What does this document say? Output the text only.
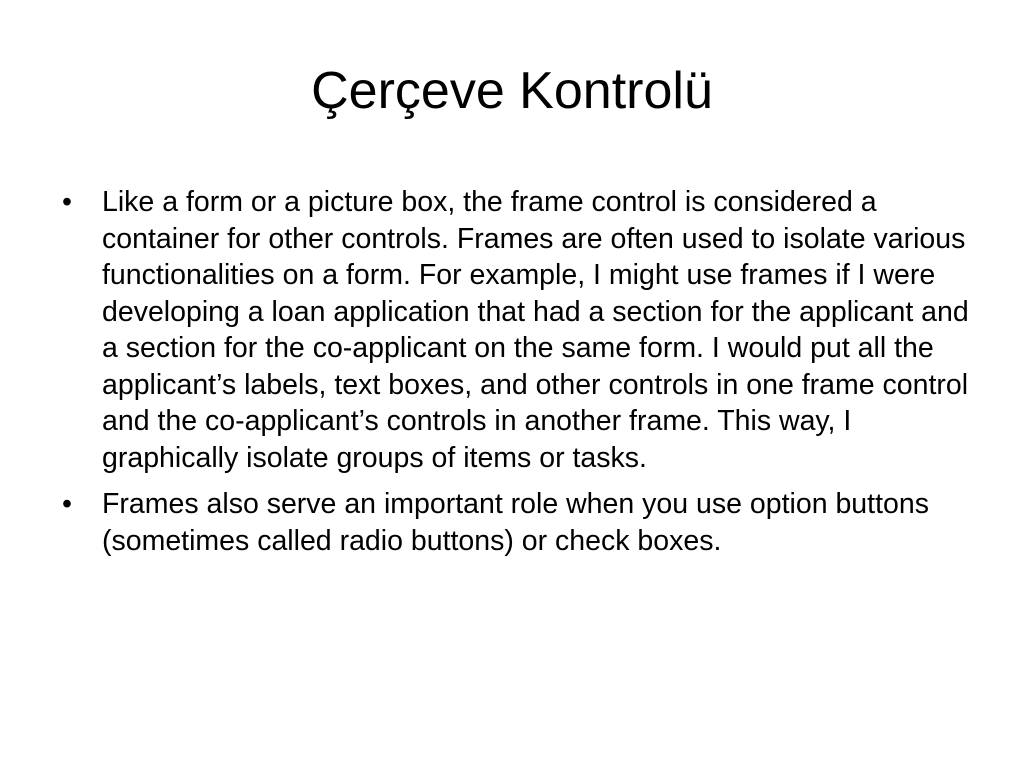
Çerçeve Kontrolü
•	Like a form or a picture box, the frame control is considered a container for other controls. Frames are often used to isolate various functionalities on a form. For example, I might use frames if I were developing a loan application that had a section for the applicant and a section for the co-applicant on the same form. I would put all the applicant’s labels, text boxes, and other controls in one frame control and the co-applicant’s controls in another frame. This way, I graphically isolate groups of items or tasks.
•	Frames also serve an important role when you use option buttons (sometimes called radio buttons) or check boxes.
